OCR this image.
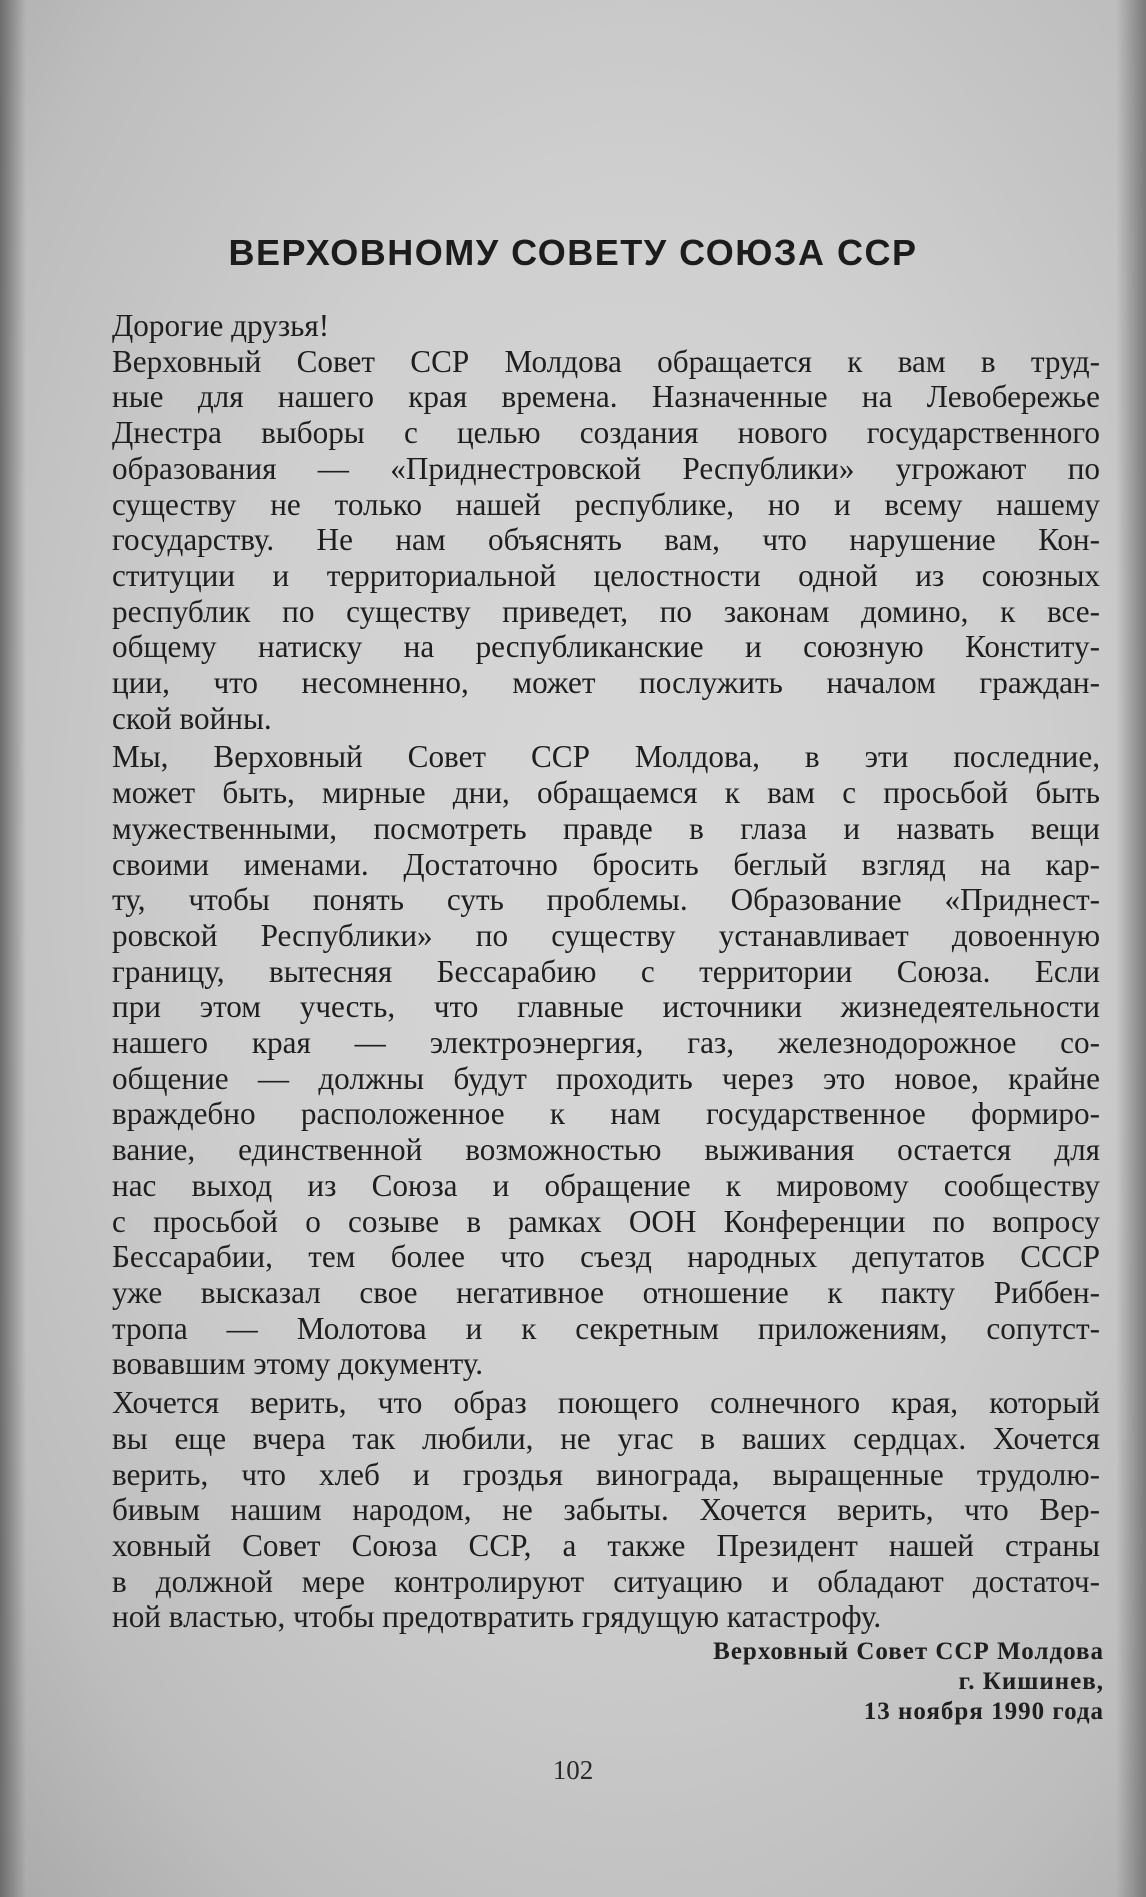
ВЕРХОВНОМУ СОВЕТУ СОЮЗА ССР
Дорогие друзья!
Верховный Совет ССР Молдова обращается к вам в труд-
ные для нашего края времена. Назначенные на Левобережье
Днестра выборы с целью создания нового государственного
образования — «Приднестровской Республики» угрожают по
существу не только нашей республике, но и всему нашему
государству. Не нам объяснять вам, что нарушение Кон-
ституции и территориальной целостности одной из союзных
республик по существу приведет, по законам домино, к все-
общему натиску на республиканские и союзную Конститу-
ции, что несомненно, может послужить началом граждан-
ской войны.
Мы, Верховный Совет ССР Молдова, в эти последние,
может быть, мирные дни, обращаемся к вам с просьбой быть
мужественными, посмотреть правде в глаза и назвать вещи
своими именами. Достаточно бросить беглый взгляд на кар-
ту, чтобы понять суть проблемы. Образование «Приднест-
ровской Республики» по существу устанавливает довоенную
границу, вытесняя Бессарабию с территории Союза. Если
при этом учесть, что главные источники жизнедеятельности
нашего края — электроэнергия, газ, железнодорожное со-
общение — должны будут проходить через это новое, крайне
враждебно расположенное к нам государственное формиро-
вание, единственной возможностью выживания остается для
нас выход из Союза и обращение к мировому сообществу
с просьбой о созыве в рамках ООН Конференции по вопросу
Бессарабии, тем более что съезд народных депутатов СССР
уже высказал свое негативное отношение к пакту Риббен-
тропа — Молотова и к секретным приложениям, сопутст-
вовавшим этому документу.
Хочется верить, что образ поющего солнечного края, который
вы еще вчера так любили, не угас в ваших сердцах. Хочется
верить, что хлеб и гроздья винограда, выращенные трудолю-
бивым нашим народом, не забыты. Хочется верить, что Вер-
ховный Совет Союза ССР, а также Президент нашей страны
в должной мере контролируют ситуацию и обладают достаточ-
ной властью, чтобы предотвратить грядущую катастрофу.
Верховный Совет ССР Молдова
г. Кишинев,
13 ноября 1990 года
102
